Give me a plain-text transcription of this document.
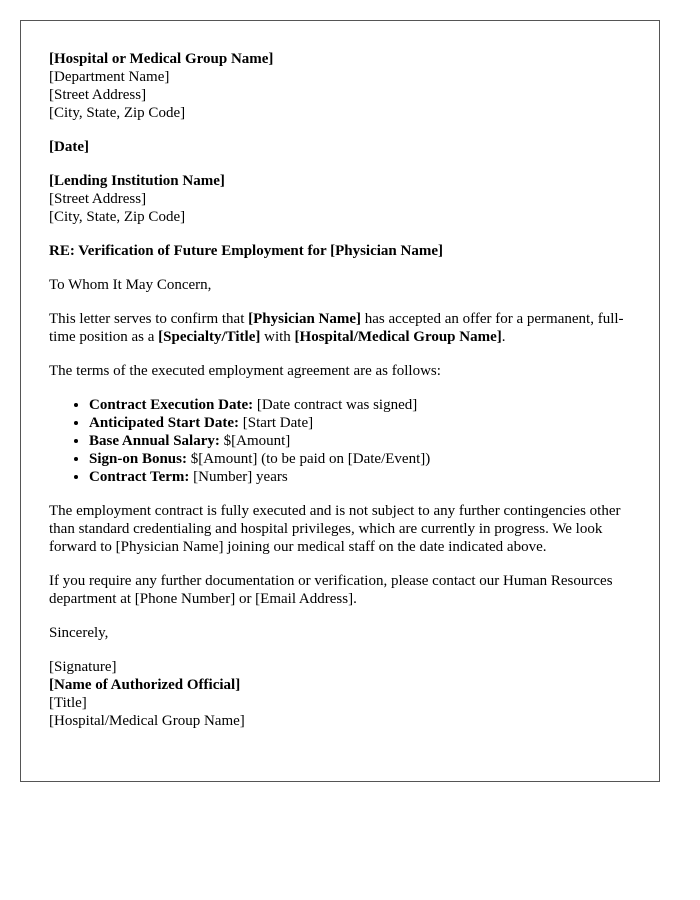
[Hospital or Medical Group Name]
[Department Name]
[Street Address]
[City, State, Zip Code]
[Date]
[Lending Institution Name]
[Street Address]
[City, State, Zip Code]
RE: Verification of Future Employment for [Physician Name]

To Whom It May Concern,

This letter serves to confirm that [Physician Name] has accepted an offer for a permanent, full-time position as a [Specialty/Title] with [Hospital/Medical Group Name].

The terms of the executed employment agreement are as follows:

• Contract Execution Date: [Date contract was signed]
• Anticipated Start Date: [Start Date]
• Base Annual Salary: $[Amount]
• Sign-on Bonus: $[Amount] (to be paid on [Date/Event])
• Contract Term: [Number] years

The employment contract is fully executed and is not subject to any further contingencies other than standard credentialing and hospital privileges, which are currently in progress. We look forward to [Physician Name] joining our medical staff on the date indicated above.

If you require any further documentation or verification, please contact our Human Resources department at [Phone Number] or [Email Address].

Sincerely,

[Signature]
[Name of Authorized Official]
[Title]
[Hospital/Medical Group Name]
